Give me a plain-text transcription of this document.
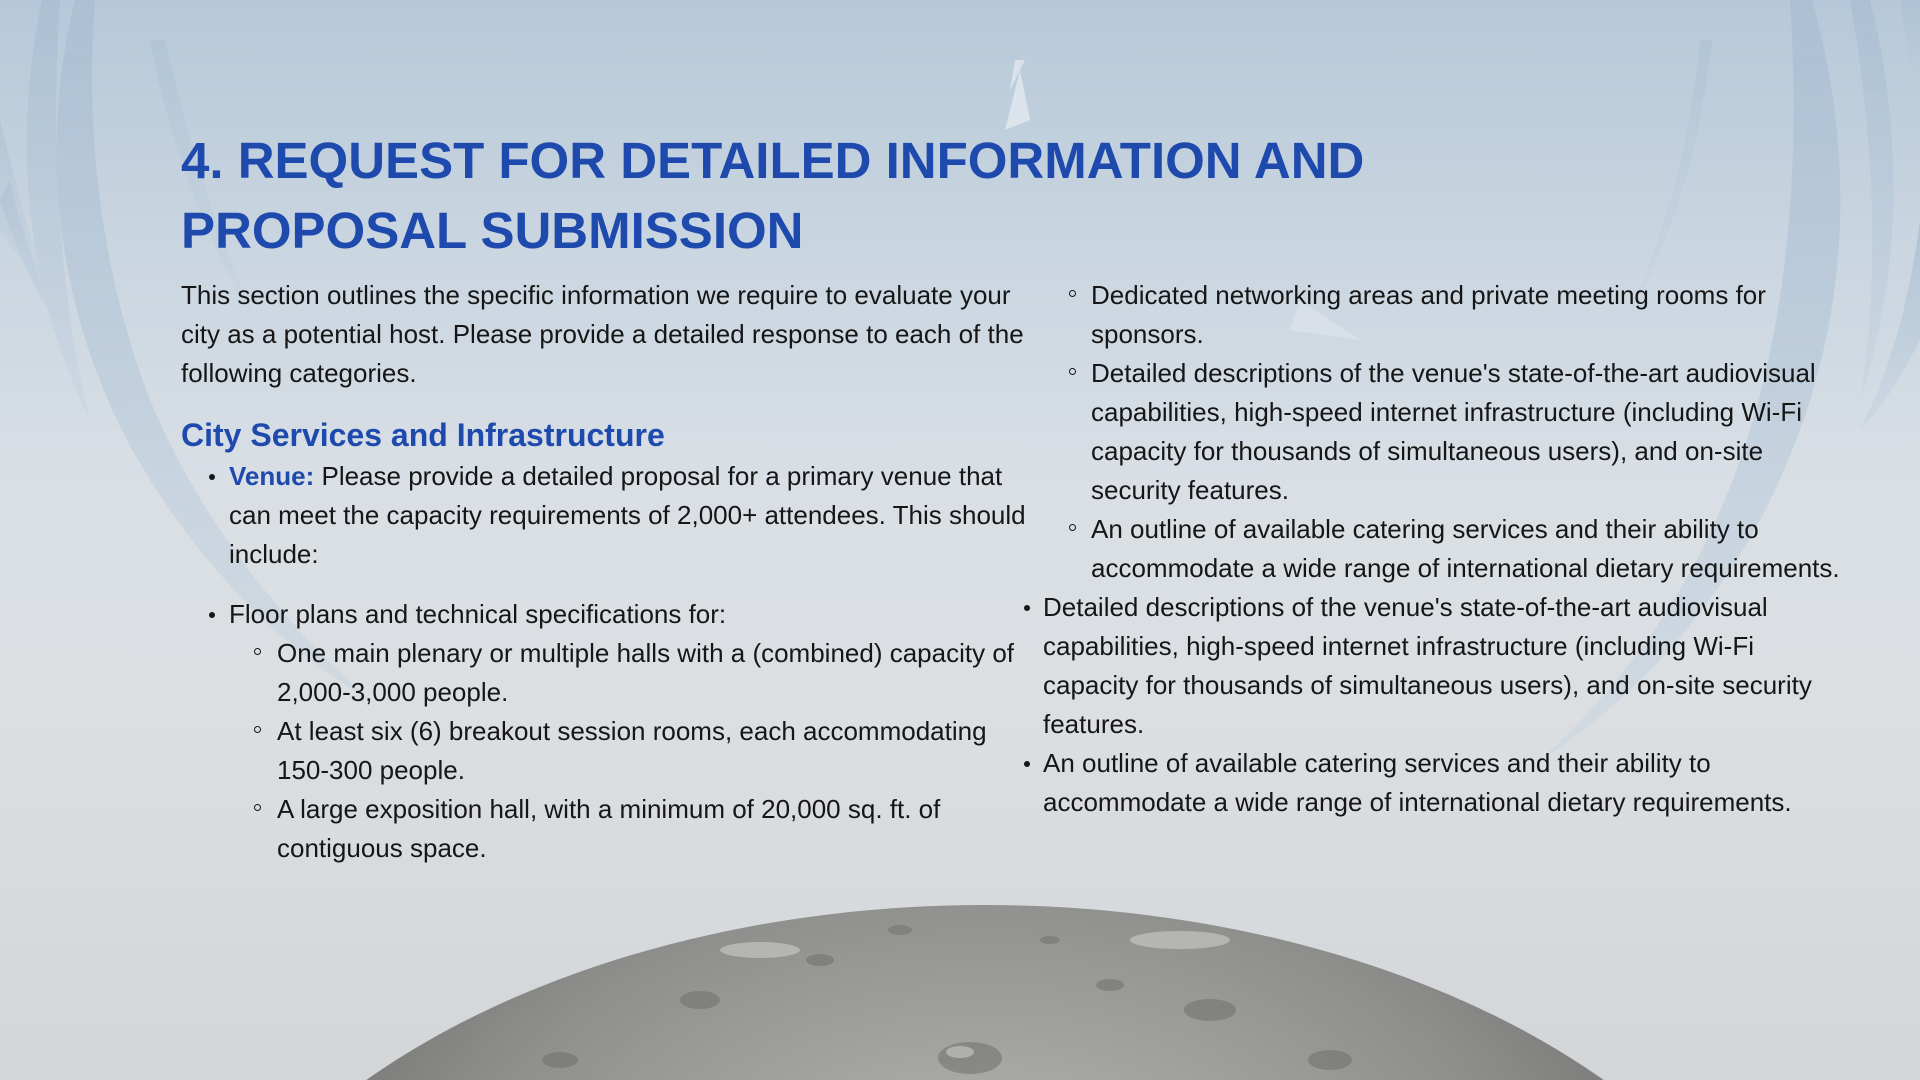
4. REQUEST FOR DETAILED INFORMATION AND PROPOSAL SUBMISSION

This section outlines the specific information we require to evaluate your city as a potential host. Please provide a detailed response to each of the following categories.

City Services and Infrastructure
Venue: Please provide a detailed proposal for a primary venue that can meet the capacity requirements of 2,000+ attendees. This should include:
Floor plans and technical specifications for:
One main plenary or multiple halls with a (combined) capacity of 2,000-3,000 people.
At least six (6) breakout session rooms, each accommodating 150-300 people.
A large exposition hall, with a minimum of 20,000 sq. ft. of contiguous space.
Dedicated networking areas and private meeting rooms for sponsors.
Detailed descriptions of the venue's state-of-the-art audiovisual capabilities, high-speed internet infrastructure (including Wi-Fi capacity for thousands of simultaneous users), and on-site security features.
An outline of available catering services and their ability to accommodate a wide range of international dietary requirements.
Detailed descriptions of the venue's state-of-the-art audiovisual capabilities, high-speed internet infrastructure (including Wi-Fi capacity for thousands of simultaneous users), and on-site security features.
An outline of available catering services and their ability to accommodate a wide range of international dietary requirements.
